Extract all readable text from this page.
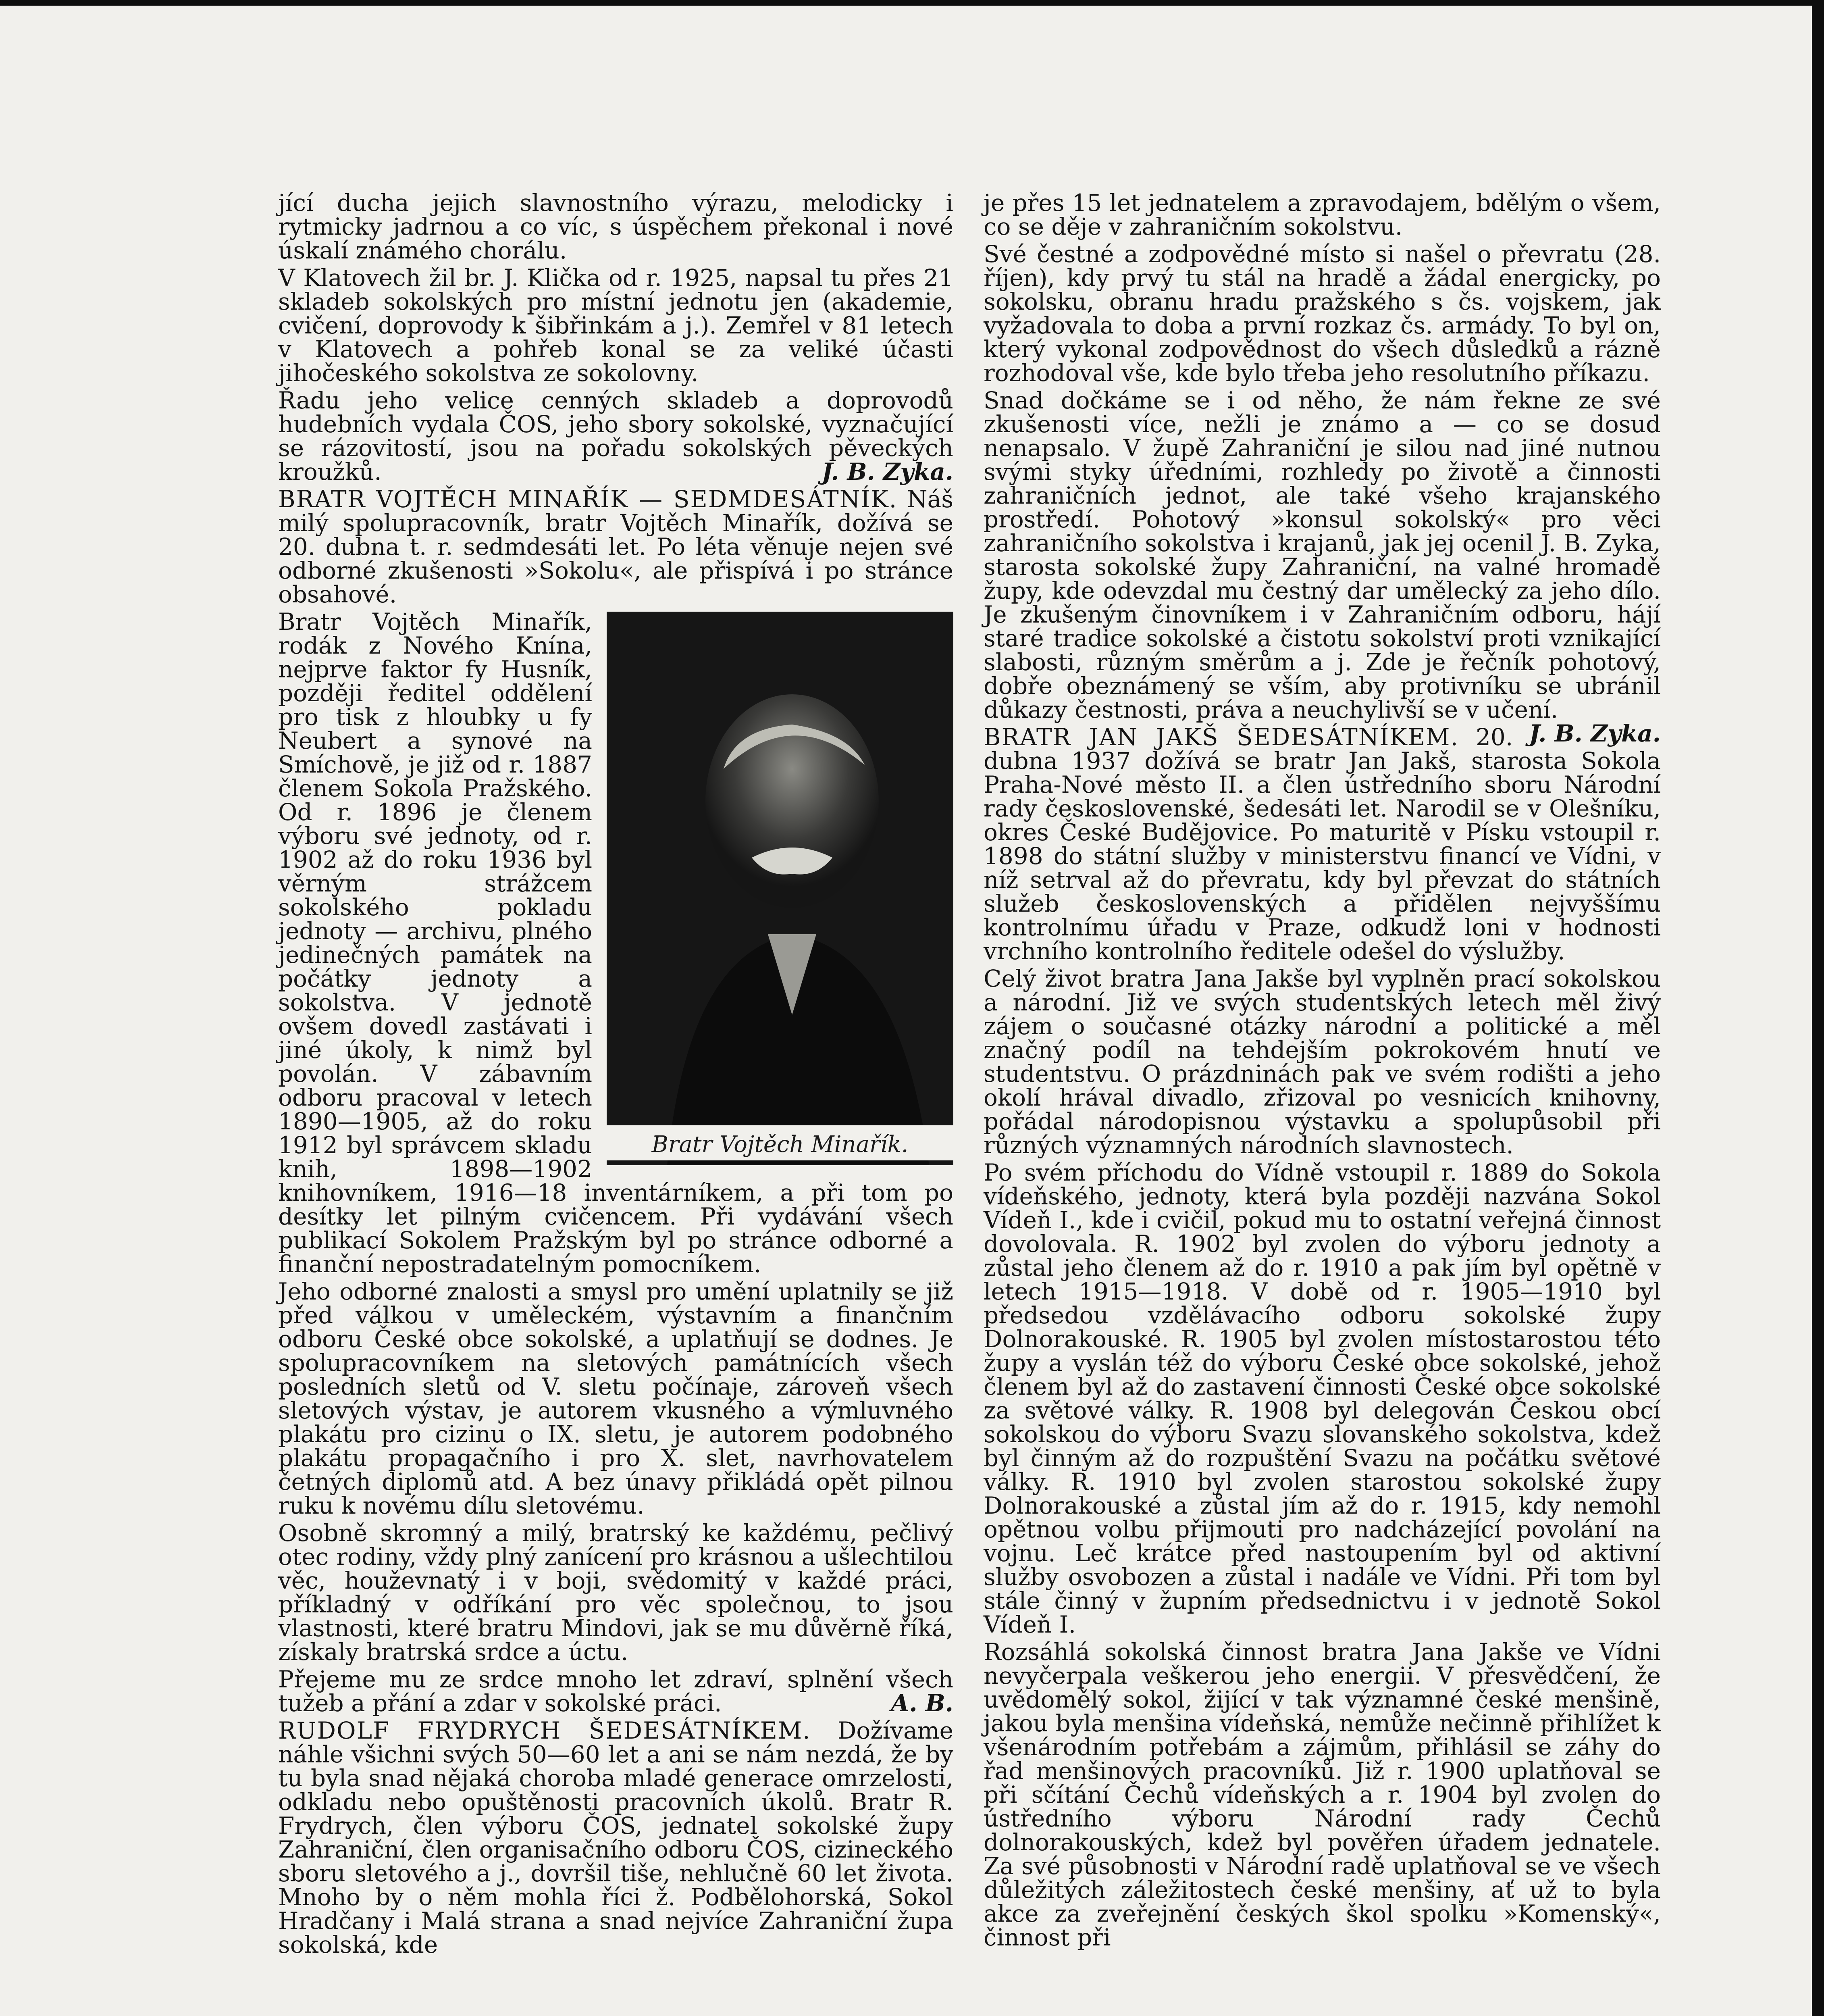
jící ducha jejich slavnostního výrazu, melodicky i rytmicky jadrnou a co víc, s úspěchem překonal i nové úskalí známého chorálu.

V Klatovech žil br. J. Klička od r. 1925, napsal tu přes 21 skladeb sokolských pro místní jednotu jen (akademie, cvičení, doprovody k šibřinkám a j.). Zemřel v 81 letech v Klatovech a pohřeb konal se za veliké účasti jihočeského sokolstva ze sokolovny.

Řadu jeho velice cenných skladeb a doprovodů hudebních vydala ČOS, jeho sbory sokolské, vyznačující se rázovitostí, jsou na pořadu sokolských pěveckých kroužků.	J. B. Zyka.

BRATR VOJTĚCH MINAŘÍK — SEDMDESÁTNÍK. Náš milý spolupracovník, bratr Vojtěch Minařík, dožívá se 20. dubna t. r. sedmdesáti let. Po léta věnuje nejen své odborné zkušenosti »Sokolu«, ale přispívá i po stránce obsahové.

Bratr Vojtěch Minařík.
Bratr Vojtěch Minařík, rodák z Nového Knína, nejprve faktor fy Husník, později ředitel oddělení pro tisk z hloubky u fy Neubert a synové na Smíchově, je již od r. 1887 členem Sokola Pražského. Od r. 1896 je členem výboru své jednoty, od r. 1902 až do roku 1936 byl věrným strážcem sokolského pokladu jednoty — archivu, plného jedinečných památek na počátky jednoty a sokolstva. V jednotě ovšem dovedl zastávati i jiné úkoly, k nimž byl povolán. V zábavním odboru pracoval v letech 1890—1905, až do roku 1912 byl správcem skladu knih, 1898—1902 knihovníkem, 1916—18 inventárníkem, a při tom po desítky let pilným cvičencem. Při vydávání všech publikací Sokolem Pražským byl po stránce odborné a finanční nepostradatelným pomocníkem.

Jeho odborné znalosti a smysl pro umění uplatnily se již před válkou v uměleckém, výstavním a finančním odboru České obce sokolské, a uplatňují se dodnes. Je spolupracovníkem na sletových památnících všech posledních sletů od V. sletu počínaje, zároveň všech sletových výstav, je autorem vkusného a výmluvného plakátu pro cizinu o IX. sletu, je autorem podobného plakátu propagačního i pro X. slet, navrhovatelem četných diplomů atd. A bez únavy přikládá opět pilnou ruku k novému dílu sletovému.

Osobně skromný a milý, bratrský ke každému, pečlivý otec rodiny, vždy plný zanícení pro krásnou a ušlechtilou věc, houževnatý i v boji, svědomitý v každé práci, příkladný v odříkání pro věc společnou, to jsou vlastnosti, které bratru Mindovi, jak se mu důvěrně říká, získaly bratrská srdce a úctu.

Přejeme mu ze srdce mnoho let zdraví, splnění všech tužeb a přání a zdar v sokolské práci.	A. B.

RUDOLF FRYDRYCH ŠEDESÁTNÍKEM. Dožívame náhle všichni svých 50—60 let a ani se nám nezdá, že by tu byla snad nějaká choroba mladé generace omrzelosti, odkladu nebo opuštěnosti pracovních úkolů. Bratr R. Frydrych, člen výboru ČOS, jednatel sokolské župy Zahraniční, člen organisačního odboru ČOS, cizineckého sboru sletového a j., dovršil tiše, nehlučně 60 let života. Mnoho by o něm mohla říci ž. Podbělohorská, Sokol Hradčany i Malá strana a snad nejvíce Zahraniční župa sokolská, kde

je přes 15 let jednatelem a zpravodajem, bdělým o všem, co se děje v zahraničním sokolstvu.

Své čestné a zodpovědné místo si našel o převratu (28. říjen), kdy prvý tu stál na hradě a žádal energicky, po sokolsku, obranu hradu pražského s čs. vojskem, jak vyžadovala to doba a první rozkaz čs. armády. To byl on, který vykonal zodpovědnost do všech důsledků a rázně rozhodoval vše, kde bylo třeba jeho resolutního příkazu.

Snad dočkáme se i od něho, že nám řekne ze své zkušenosti více, nežli je známo a — co se dosud nenapsalo. V župě Zahraniční je silou nad jiné nutnou svými styky úředními, rozhledy po životě a činnosti zahraničních jednot, ale také všeho krajanského prostředí. Pohotový »konsul sokolský« pro věci zahraničního sokolstva i krajanů, jak jej ocenil J. B. Zyka, starosta sokolské župy Zahraniční, na valné hromadě župy, kde odevzdal mu čestný dar umělecký za jeho dílo. Je zkušeným činovníkem i v Zahraničním odboru, hájí staré tradice sokolské a čistotu sokolství proti vznikající slabosti, různým směrům a j. Zde je řečník pohotový, dobře obeznámený se vším, aby protivníku se ubránil důkazy čestnosti, práva a neuchylivší se v učení.
J. B. Zyka.

BRATR JAN JAKŠ ŠEDESÁTNÍKEM. 20. dubna 1937 dožívá se bratr Jan Jakš, starosta Sokola Praha-Nové město II. a člen ústředního sboru Národní rady československé, šedesáti let. Narodil se v Olešníku, okres České Budějovice. Po maturitě v Písku vstoupil r. 1898 do státní služby v ministerstvu financí ve Vídni, v níž setrval až do převratu, kdy byl převzat do státních služeb československých a přidělen nejvyššímu kontrolnímu úřadu v Praze, odkudž loni v hodnosti vrchního kontrolního ředitele odešel do výslužby.

Celý život bratra Jana Jakše byl vyplněn prací sokolskou a národní. Již ve svých studentských letech měl živý zájem o současné otázky národní a politické a měl značný podíl na tehdejším pokrokovém hnutí ve studentstvu. O prázdninách pak ve svém rodišti a jeho okolí hrával divadlo, zřizoval po vesnicích knihovny, pořádal národopisnou výstavku a spolupůsobil při různých významných národních slavnostech.

Po svém příchodu do Vídně vstoupil r. 1889 do Sokola vídeňského, jednoty, která byla později nazvána Sokol Vídeň I., kde i cvičil, pokud mu to ostatní veřejná činnost dovolovala. R. 1902 byl zvolen do výboru jednoty a zůstal jeho členem až do r. 1910 a pak jím byl opětně v letech 1915—1918. V době od r. 1905—1910 byl předsedou vzdělávacího odboru sokolské župy Dolnorakouské. R. 1905 byl zvolen místostarostou této župy a vyslán též do výboru České obce sokolské, jehož členem byl až do zastavení činnosti České obce sokolské za světové války. R. 1908 byl delegován Českou obcí sokolskou do výboru Svazu slovanského sokolstva, kdež byl činným až do rozpuštění Svazu na počátku světové války. R. 1910 byl zvolen starostou sokolské župy Dolnorakouské a zůstal jím až do r. 1915, kdy nemohl opětnou volbu přijmouti pro nadcházející povolání na vojnu. Leč krátce před nastoupením byl od aktivní služby osvobozen a zůstal i nadále ve Vídni. Při tom byl stále činný v župním předsednictvu i v jednotě Sokol Vídeň I.

Rozsáhlá sokolská činnost bratra Jana Jakše ve Vídni nevyčerpala veškerou jeho energii. V přesvědčení, že uvědomělý sokol, žijící v tak významné české menšině, jakou byla menšina vídeňská, nemůže nečinně přihlížet k všenárodním potřebám a zájmům, přihlásil se záhy do řad menšinových pracovníků. Již r. 1900 uplatňoval se při sčítání Čechů vídeňských a r. 1904 byl zvolen do ústředního výboru Národní rady Čechů dolnorakouských, kdež byl pověřen úřadem jednatele. Za své působnosti v Národní radě uplatňoval se ve všech důležitých záležitostech české menšiny, ať už to byla akce za zveřejnění českých škol spolku »Komenský«, činnost při
